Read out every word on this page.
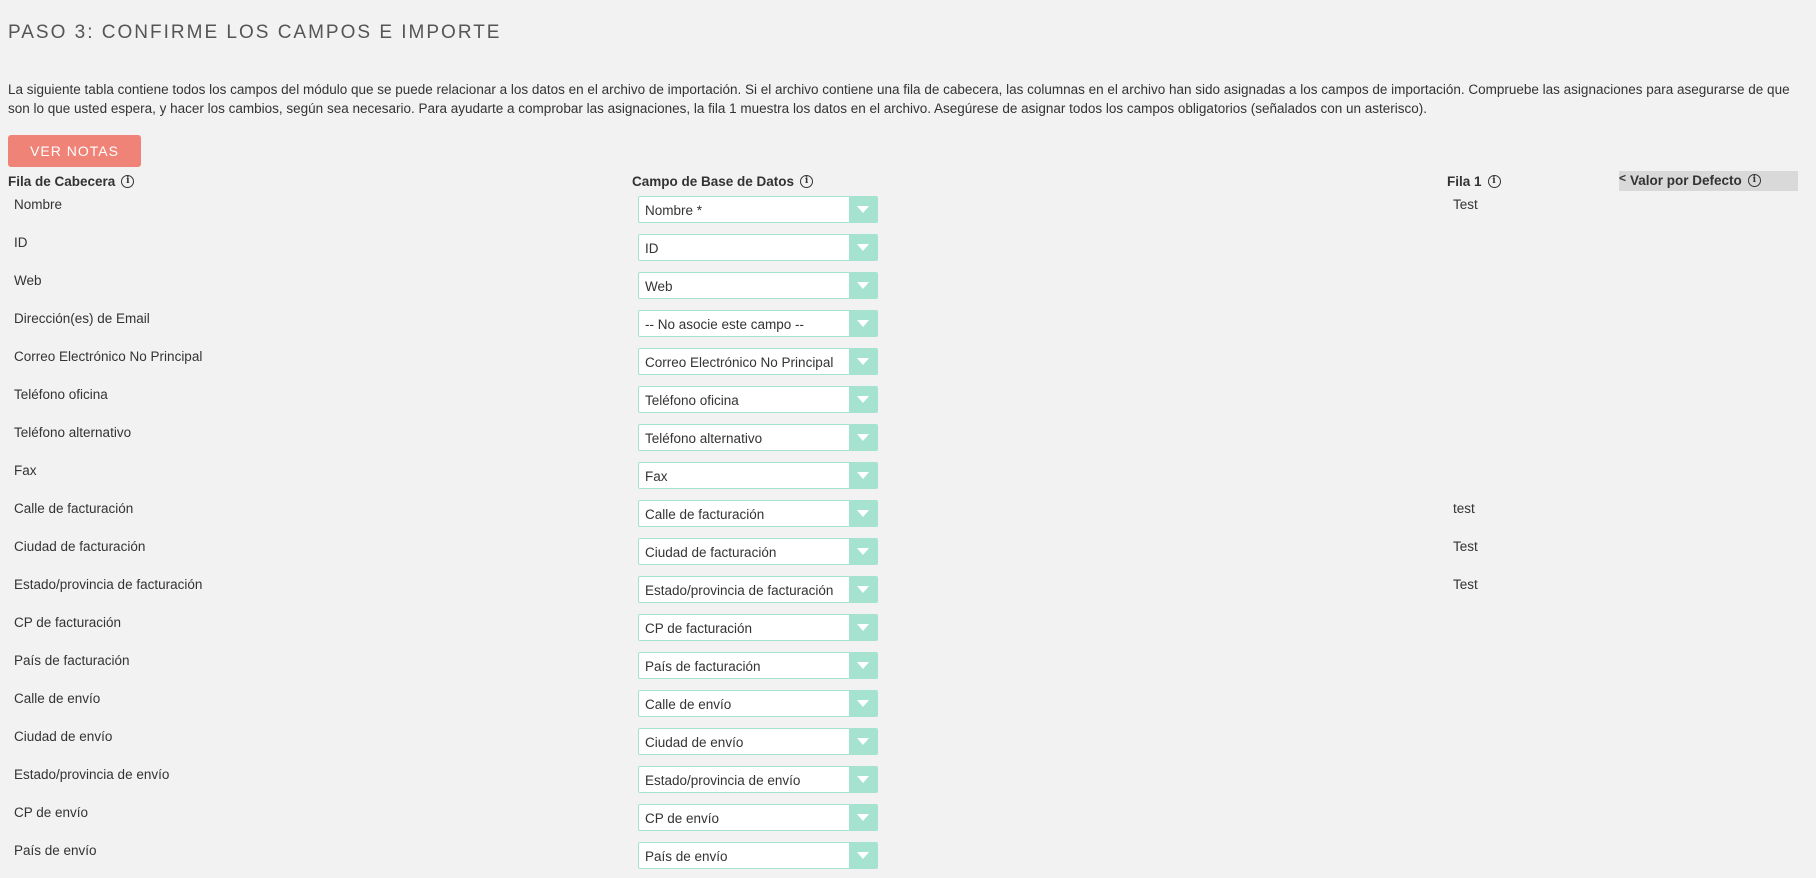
PASO 3: CONFIRME LOS CAMPOS E IMPORTE

La siguiente tabla contiene todos los campos del módulo que se puede relacionar a los datos en el archivo de importación. Si el archivo contiene una fila de cabecera, las columnas en el archivo han sido asignadas a los campos de importación. Compruebe las asignaciones para asegurarse de que son lo que usted espera, y hacer los cambios, según sea necesario. Para ayudarte a comprobar las asignaciones, la fila 1 muestra los datos en el archivo. Asegúrese de asignar todos los campos obligatorios (señalados con un asterisco).

VER NOTAS
Fila de Cabecera i	Campo de Base de Datos i	Fila 1 i	< Valor por Defecto i
Nombre	Nombre *	Test
ID	ID
Web	Web
Dirección(es) de Email	-- No asocie este campo --
Correo Electrónico No Principal	Correo Electrónico No Principal
Teléfono oficina	Teléfono oficina
Teléfono alternativo	Teléfono alternativo
Fax	Fax
Calle de facturación	Calle de facturación	test
Ciudad de facturación	Ciudad de facturación	Test
Estado/provincia de facturación	Estado/provincia de facturación	Test
CP de facturación	CP de facturación
País de facturación	País de facturación
Calle de envío	Calle de envío
Ciudad de envío	Ciudad de envío
Estado/provincia de envío	Estado/provincia de envío
CP de envío	CP de envío
País de envío	País de envío
